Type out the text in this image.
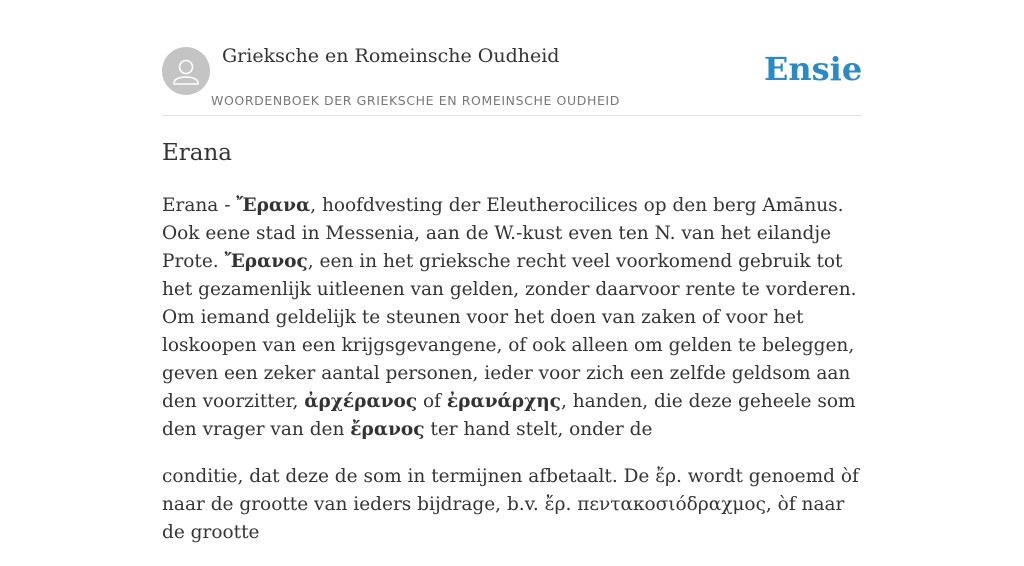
Grieksche en Romeinsche Oudheid
WOORDENBOEK DER GRIEKSCHE EN ROMEINSCHE OUDHEID
Ensie
Erana

Erana - Ἔρανα, hoofdvesting der Eleutherocilices op den berg Amānus. Ook eene stad in Messenia, aan de W.-kust even ten N. van het eilandje Prote. Ἔρανος, een in het grieksche recht veel voorkomend gebruik tot het gezamenlijk uitleenen van gelden, zonder daarvoor rente te vorderen. Om iemand geldelijk te steunen voor het doen van zaken of voor het loskoopen van een krijgsgevangene, of ook alleen om gelden te beleggen, geven een zeker aantal personen, ieder voor zich een zelfde geldsom aan den voorzitter, ἀρχέρανος of ἐρανάρχης, handen, die deze geheele som den vrager van den ἔρανος ter hand stelt, onder de

conditie, dat deze de som in termijnen afbetaalt. De ἔρ. wordt genoemd òf naar de grootte van ieders bijdrage, b.v. ἔρ. πεντακοσιόδραχμος, òf naar de grootte
